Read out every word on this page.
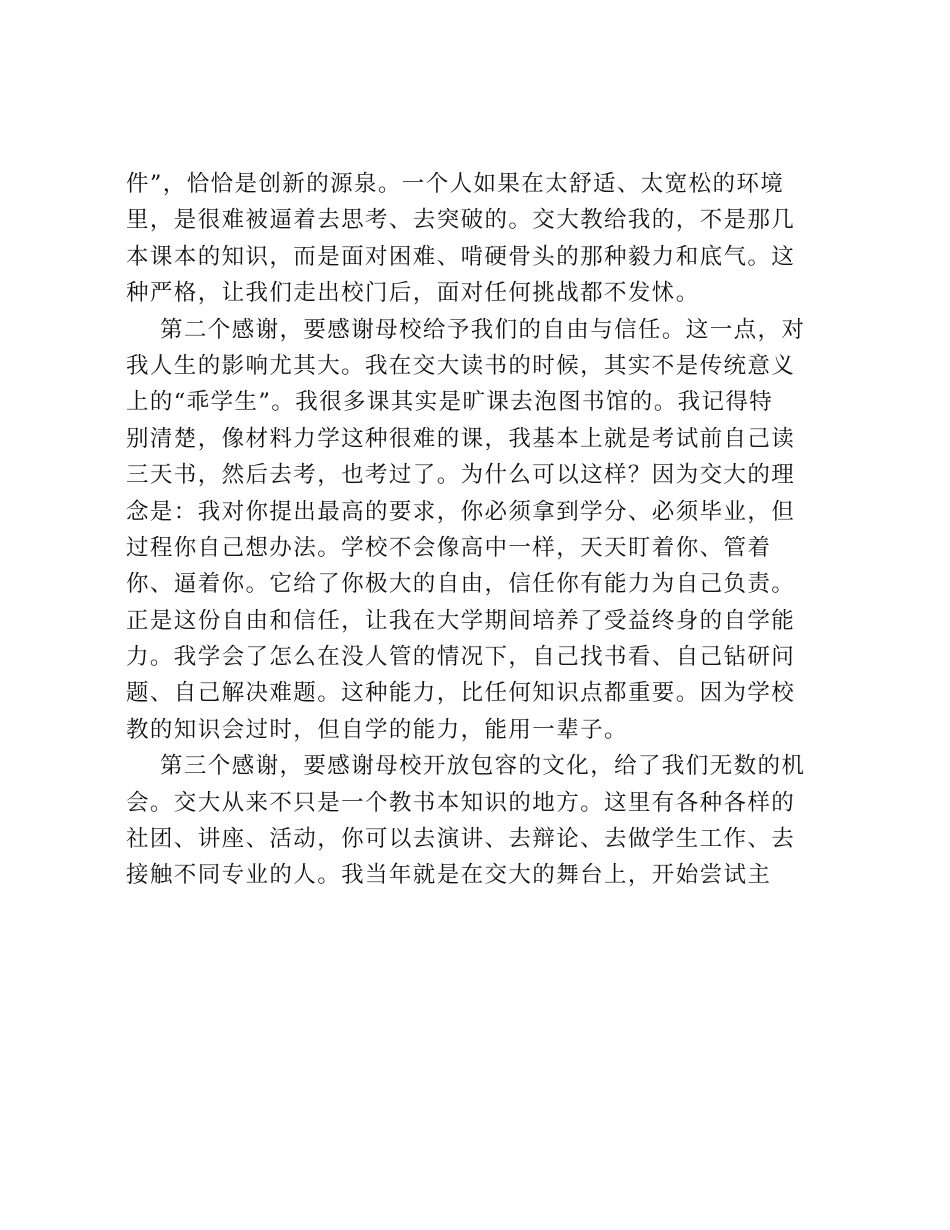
件”，恰恰是创新的源泉。一个人如果在太舒适、太宽松的环境
里，是很难被逼着去思考、去突破的。交大教给我的，不是那几
本课本的知识，而是面对困难、啃硬骨头的那种毅力和底气。这
种严格，让我们走出校门后，面对任何挑战都不发怵。
第二个感谢，要感谢母校给予我们的自由与信任。这一点，对
我人生的影响尤其大。我在交大读书的时候，其实不是传统意义
上的“乖学生”。我很多课其实是旷课去泡图书馆的。我记得特
别清楚，像材料力学这种很难的课，我基本上就是考试前自己读
三天书，然后去考，也考过了。为什么可以这样？因为交大的理
念是：我对你提出最高的要求，你必须拿到学分、必须毕业，但
过程你自己想办法。学校不会像高中一样，天天盯着你、管着
你、逼着你。它给了你极大的自由，信任你有能力为自己负责。
正是这份自由和信任，让我在大学期间培养了受益终身的自学能
力。我学会了怎么在没人管的情况下，自己找书看、自己钻研问
题、自己解决难题。这种能力，比任何知识点都重要。因为学校
教的知识会过时，但自学的能力，能用一辈子。
第三个感谢，要感谢母校开放包容的文化，给了我们无数的机
会。交大从来不只是一个教书本知识的地方。这里有各种各样的
社团、讲座、活动，你可以去演讲、去辩论、去做学生工作、去
接触不同专业的人。我当年就是在交大的舞台上，开始尝试主
